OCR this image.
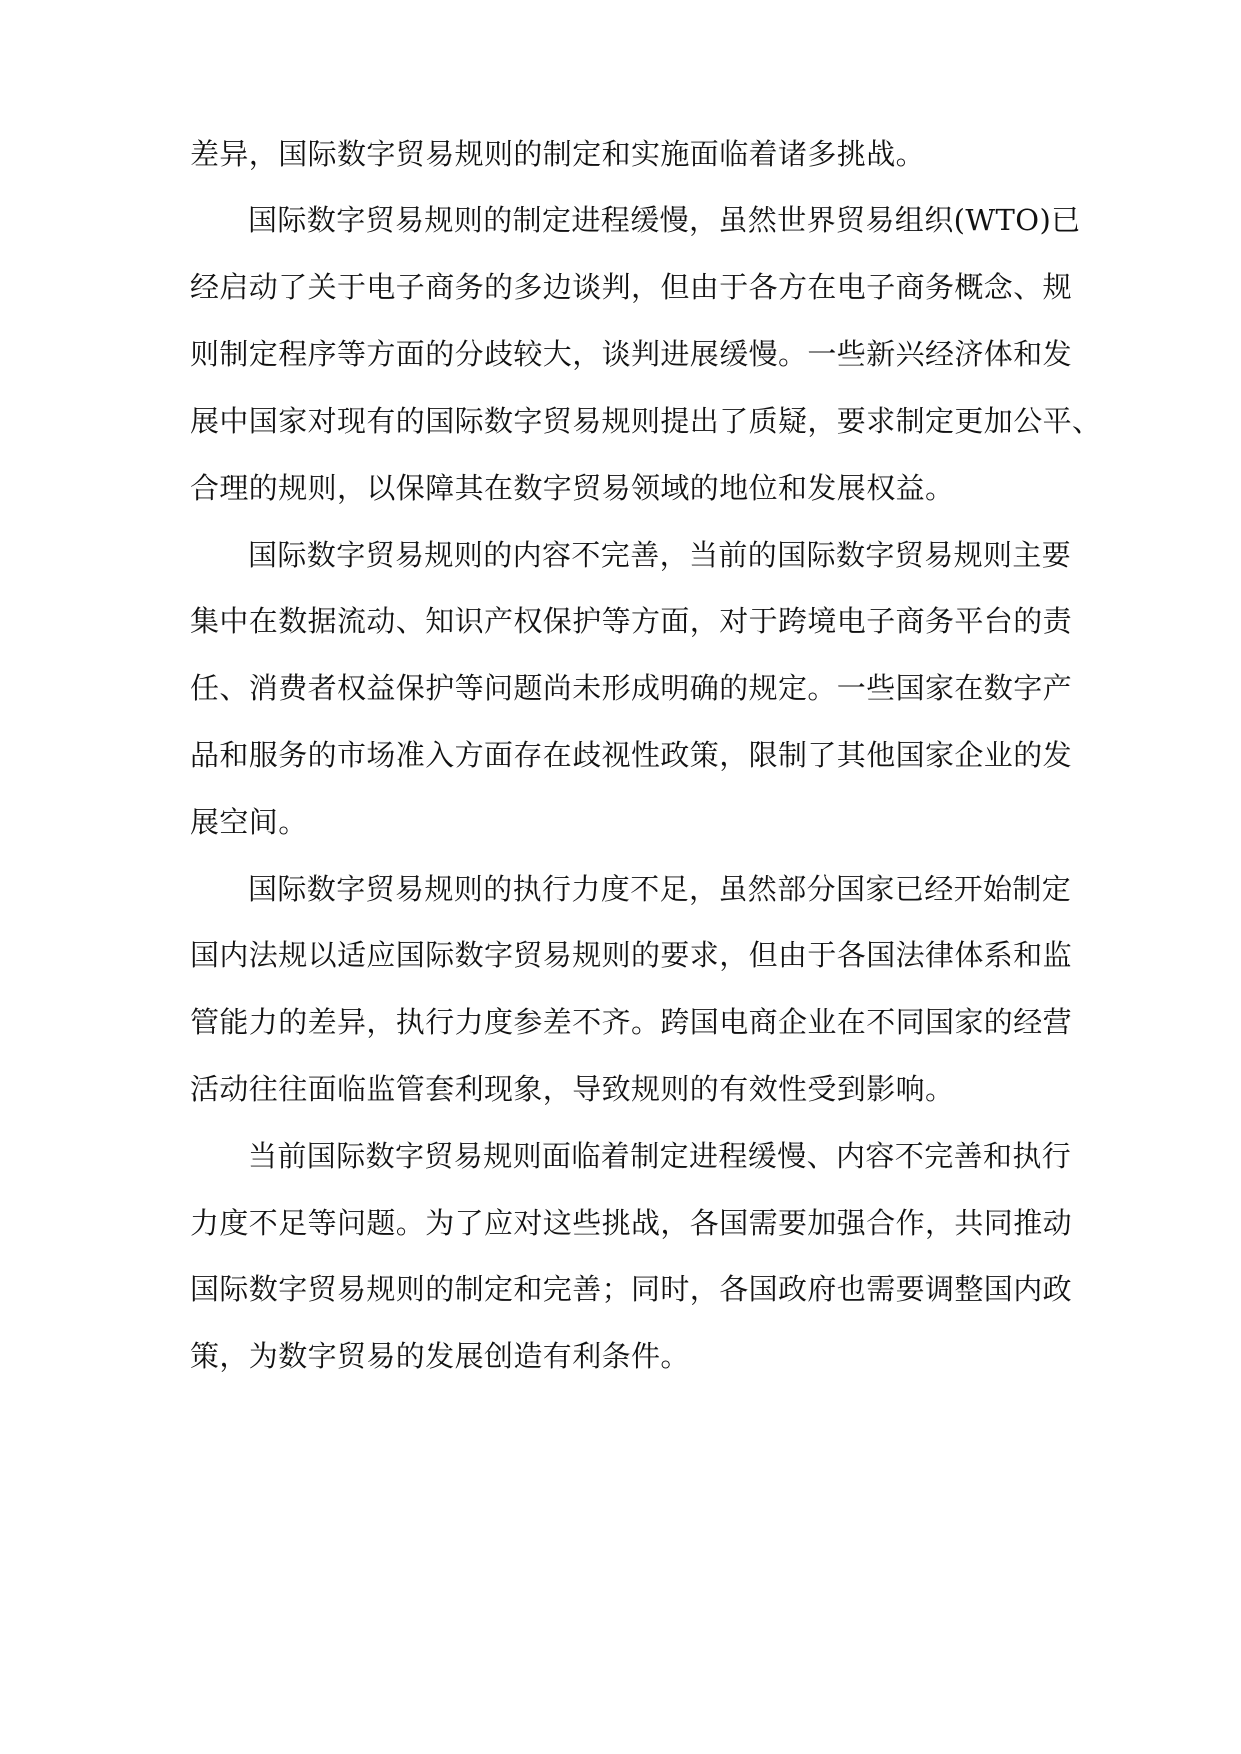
差异，国际数字贸易规则的制定和实施面临着诸多挑战。
国际数字贸易规则的制定进程缓慢，虽然世界贸易组织(WTO)已
经启动了关于电子商务的多边谈判，但由于各方在电子商务概念、规
则制定程序等方面的分歧较大，谈判进展缓慢。一些新兴经济体和发
展中国家对现有的国际数字贸易规则提出了质疑，要求制定更加公平、
合理的规则，以保障其在数字贸易领域的地位和发展权益。
国际数字贸易规则的内容不完善，当前的国际数字贸易规则主要
集中在数据流动、知识产权保护等方面，对于跨境电子商务平台的责
任、消费者权益保护等问题尚未形成明确的规定。一些国家在数字产
品和服务的市场准入方面存在歧视性政策，限制了其他国家企业的发
展空间。
国际数字贸易规则的执行力度不足，虽然部分国家已经开始制定
国内法规以适应国际数字贸易规则的要求，但由于各国法律体系和监
管能力的差异，执行力度参差不齐。跨国电商企业在不同国家的经营
活动往往面临监管套利现象，导致规则的有效性受到影响。
当前国际数字贸易规则面临着制定进程缓慢、内容不完善和执行
力度不足等问题。为了应对这些挑战，各国需要加强合作，共同推动
国际数字贸易规则的制定和完善；同时，各国政府也需要调整国内政
策，为数字贸易的发展创造有利条件。
